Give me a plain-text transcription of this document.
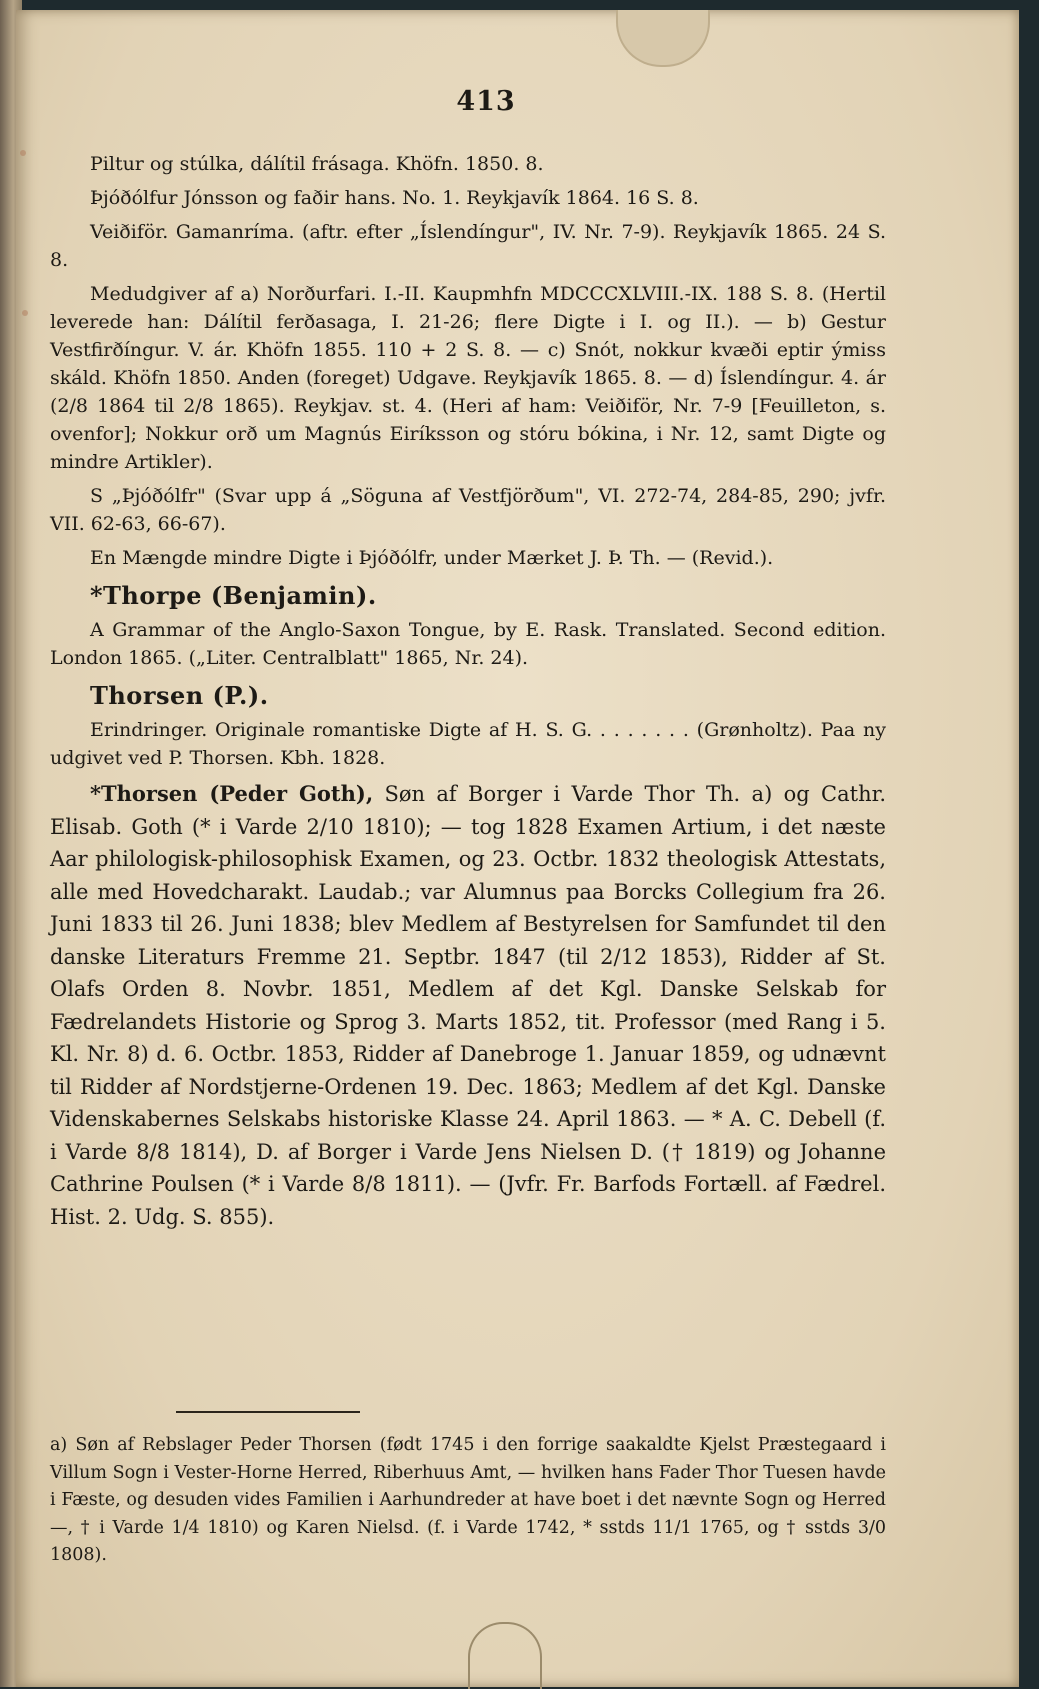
413

Piltur og stúlka, dálítil frásaga. Khöfn. 1850. 8.

Þjóðólfur Jónsson og faðir hans. No. 1. Reykjavík 1864. 16 S. 8.

Veiðiför. Gamanríma. (aftr. efter „Íslendíngur", IV. Nr. 7-9). Reykjavík 1865. 24 S. 8.

Medudgiver af a) Norðurfari. I.-II. Kaupmhfn MDCCCXLVIII.-IX. 188 S. 8. (Hertil leverede han: Dálítil ferðasaga, I. 21-26; flere Digte i I. og II.). — b) Gestur Vestfirðíngur. V. ár. Khöfn 1855. 110 + 2 S. 8. — c) Snót, nokkur kvæði eptir ýmiss skáld. Khöfn 1850. Anden (foreget) Udgave. Reykjavík 1865. 8. — d) Íslendíngur. 4. ár (2/8 1864 til 2/8 1865). Reykjav. st. 4. (Heri af ham: Veiðiför, Nr. 7-9 [Feuilleton, s. ovenfor]; Nokkur orð um Magnús Eiríksson og stóru bókina, i Nr. 12, samt Digte og mindre Artikler).

S „Þjóðólfr" (Svar upp á „Söguna af Vestfjörðum", VI. 272-74, 284-85, 290; jvfr. VII. 62-63, 66-67).

En Mængde mindre Digte i Þjóðólfr, under Mærket J. Þ. Th. — (Revid.).

*Thorpe (Benjamin).

A Grammar of the Anglo-Saxon Tongue, by E. Rask. Translated. Second edition. London 1865. („Liter. Centralblatt" 1865, Nr. 24).

Thorsen (P.).

Erindringer. Originale romantiske Digte af H. S. G. . . . . . . . (Grønholtz). Paa ny udgivet ved P. Thorsen. Kbh. 1828.

*Thorsen (Peder Goth), Søn af Borger i Varde Thor Th. a) og Cathr. Elisab. Goth (* i Varde 2/10 1810); — tog 1828 Examen Artium, i det næste Aar philologisk-philosophisk Examen, og 23. Octbr. 1832 theologisk Attestats, alle med Hovedcharakt. Laudab.; var Alumnus paa Borcks Collegium fra 26. Juni 1833 til 26. Juni 1838; blev Medlem af Bestyrelsen for Samfundet til den danske Literaturs Fremme 21. Septbr. 1847 (til 2/12 1853), Ridder af St. Olafs Orden 8. Novbr. 1851, Medlem af det Kgl. Danske Selskab for Fædrelandets Historie og Sprog 3. Marts 1852, tit. Professor (med Rang i 5. Kl. Nr. 8) d. 6. Octbr. 1853, Ridder af Danebroge 1. Januar 1859, og udnævnt til Ridder af Nordstjerne-Ordenen 19. Dec. 1863; Medlem af det Kgl. Danske Videnskabernes Selskabs historiske Klasse 24. April 1863. — * A. C. Debell (f. i Varde 8/8 1814), D. af Borger i Varde Jens Nielsen D. († 1819) og Johanne Cathrine Poulsen (* i Varde 8/8 1811). — (Jvfr. Fr. Barfods Fortæll. af Fædrel. Hist. 2. Udg. S. 855).

a) Søn af Rebslager Peder Thorsen (født 1745 i den forrige saakaldte Kjelst Præstegaard i Villum Sogn i Vester-Horne Herred, Riberhuus Amt, — hvilken hans Fader Thor Tuesen havde i Fæste, og desuden vides Familien i Aarhundreder at have boet i det nævnte Sogn og Herred —, † i Varde 1/4 1810) og Karen Nielsd. (f. i Varde 1742, * sstds 11/1 1765, og † sstds 3/0 1808).
